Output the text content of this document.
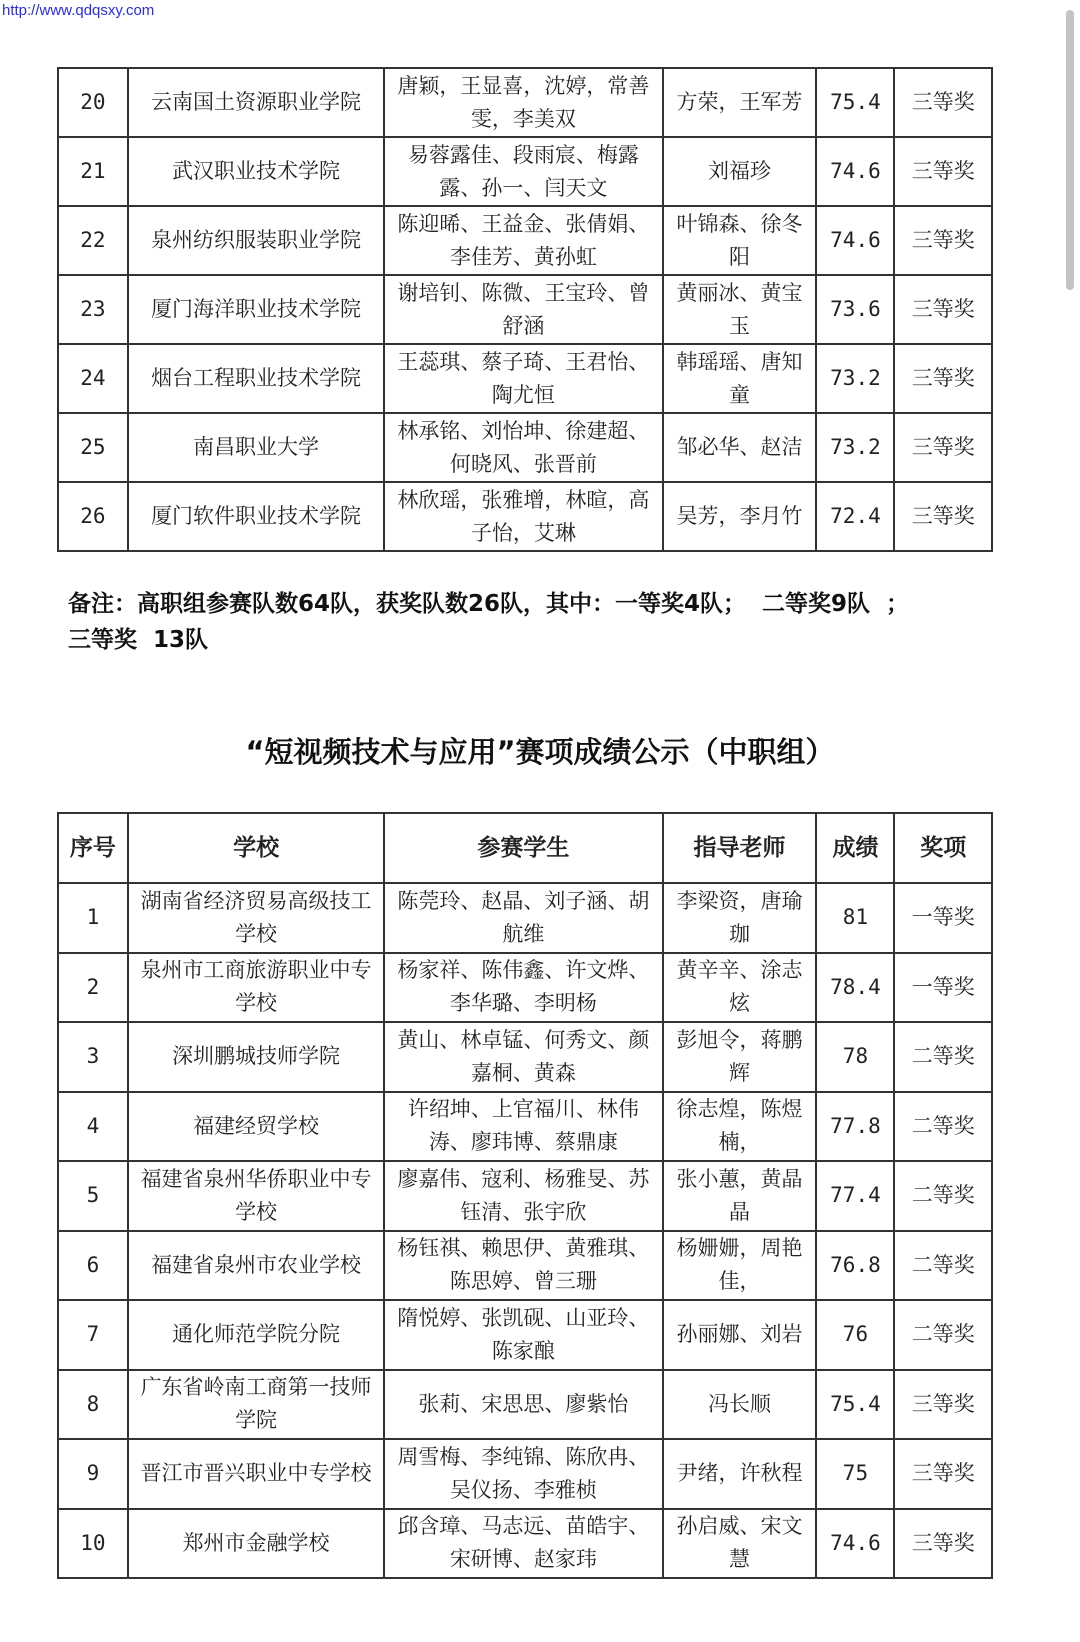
http://www.qdqsxy.com
20	云南国土资源职业学院	唐颖，王显喜，沈婷，常善雯，李美双	方荣，王军芳	75.4	三等奖
21	武汉职业技术学院	易蓉露佳、段雨宸、梅露露、孙一、闫天文	刘福珍	74.6	三等奖
22	泉州纺织服装职业学院	陈迎晞、王益金、张倩娟、李佳芳、黄孙虹	叶锦森、徐冬阳	74.6	三等奖
23	厦门海洋职业技术学院	谢培钊、陈微、王宝玲、曾舒涵	黄丽冰、黄宝玉	73.6	三等奖
24	烟台工程职业技术学院	王蕊琪、蔡子琦、王君怡、陶尤恒	韩瑶瑶、唐知童	73.2	三等奖
25	南昌职业大学	林承铭、刘怡坤、徐建超、何晓风、张晋前	邹必华、赵洁	73.2	三等奖
26	厦门软件职业技术学院	林欣瑶，张雅增，林暄，高子怡，艾琳	吴芳，李月竹	72.4	三等奖
备注：高职组参赛队数64队，获奖队数26队，其中：一等奖4队；  二等奖9队  ；
三等奖  13队
“短视频技术与应用”赛项成绩公示（中职组）
序号	学校	参赛学生	指导老师	成绩	奖项
1	湖南省经济贸易高级技工学校	陈莞玲、赵晶、刘子涵、胡航维	李梁资，唐瑜珈	81	一等奖
2	泉州市工商旅游职业中专学校	杨家祥、陈伟鑫、许文烨、李华璐、李明杨	黄辛辛、涂志炫	78.4	一等奖
3	深圳鹏城技师学院	黄山、林卓锰、何秀文、颜嘉桐、黄森	彭旭令，蒋鹏辉	78	二等奖
4	福建经贸学校	许绍坤、上官福川、林伟涛、廖玮博、蔡鼎康	徐志煌，陈煜楠，	77.8	二等奖
5	福建省泉州华侨职业中专学校	廖嘉伟、寇利、杨雅旻、苏钰清、张宇欣	张小蕙，黄晶晶	77.4	二等奖
6	福建省泉州市农业学校	杨钰祺、赖思伊、黄雅琪、陈思婷、曾三珊	杨姗姗，周艳佳，	76.8	二等奖
7	通化师范学院分院	隋悦婷、张凯砚、山亚玲、陈家酿	孙丽娜、刘岩	76	二等奖
8	广东省岭南工商第一技师学院	张莉、宋思思、廖紫怡	冯长顺	75.4	三等奖
9	晋江市晋兴职业中专学校	周雪梅、李纯锦、陈欣冉、吴仪扬、李雅桢	尹绪，许秋程	75	三等奖
10	郑州市金融学校	邱含璋、马志远、苗皓宇、宋研博、赵家玮	孙启威、宋文慧	74.6	三等奖
